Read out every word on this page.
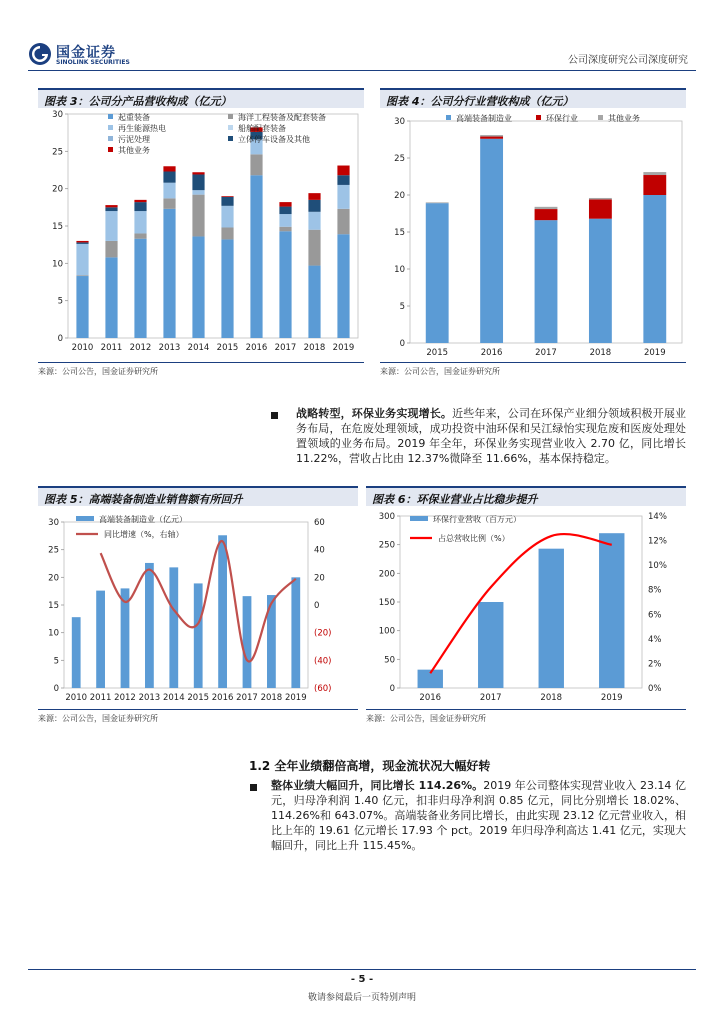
国金证券
SINOLINK SECURITIES	公司深度研究公司深度研究
图表 3：公司分产品营收构成（亿元）
0
5
10
15
20
25
30
2010 2011 2012 2013 2014 2015 2016 2017 2018 2019
起重装备	海洋工程装备及配套装备
再生能源热电	船舶配套装备
污泥处理	立体停车设备及其他
其他业务
来源：公司公告，国金证券研究所
图表 4：公司分行业营收构成（亿元）
0
5
10
15
20
25
30
2015	2016	2017	2018	2019
高端装备制造业	环保行业	其他业务
来源：公司公告，国金证券研究所
战略转型，环保业务实现增长。近些年来，公司在环保产业细分领域积极开展业务布局，在危废处理领域，成功投资中油环保和吴江绿怡实现危废和医废处理处置领域的业务布局。2019 年全年，环保业务实现营业收入 2.70 亿，同比增长 11.22%，营收占比由 12.37%微降至 11.66%，基本保持稳定。
图表 5：高端装备制造业销售额有所回升
0
5
10
15
20
25
30
2010 2011 2012 2013 2014 2015 2016 2017 2018 2019
(60)
(40)
(20)
0
20
40
60
高端装备制造业（亿元）
同比增速（%，右轴）
来源：公司公告，国金证券研究所
图表 6：环保业营业占比稳步提升
0
50
100
150
200
250
300
2016	2017	2018	2019
0%
2%
4%
6%
8%
10%
12%
14%
环保行业营收（百万元）
占总营收比例（%）
来源：公司公告，国金证券研究所
1.2 全年业绩翻倍高增，现金流状况大幅好转
整体业绩大幅回升，同比增长 114.26%。2019 年公司整体实现营业收入 23.14 亿元，归母净利润 1.40 亿元，扣非归母净利润 0.85 亿元，同比分别增长 18.02%、114.26%和 643.07%。高端装备业务同比增长，由此实现 23.12 亿元营业收入，相比上年的 19.61 亿元增长 17.93 个 pct。2019 年归母净利高达 1.41 亿元，实现大幅回升，同比上升 115.45%。
- 5 -
敬请参阅最后一页特别声明
